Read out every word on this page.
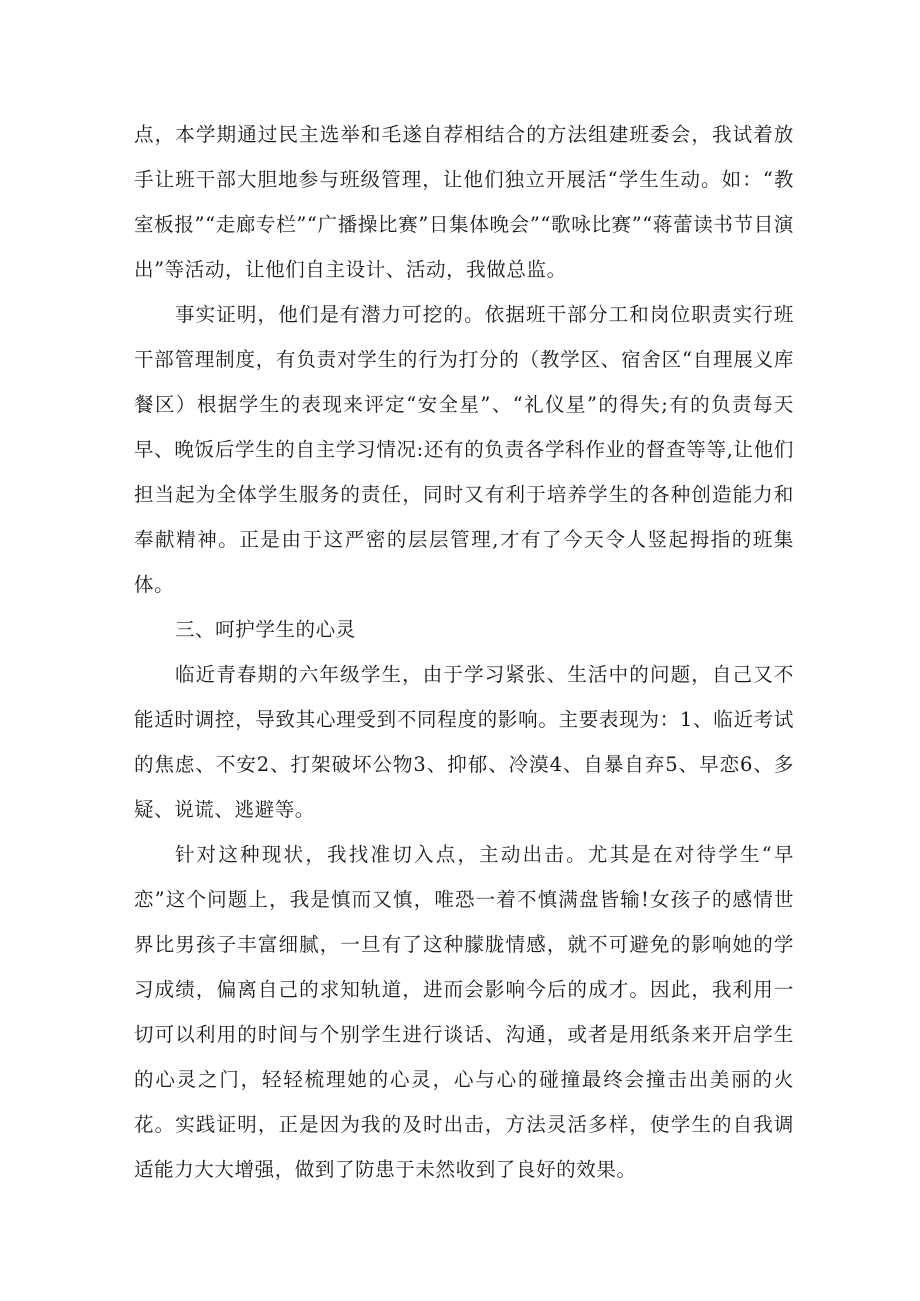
点，本学期通过民主选举和毛遂自荐相结合的方法组建班委会，我试着放手让班干部大胆地参与班级管理，让他们独立开展活“学生生动。如：“教室板报”“走廊专栏”“广播操比赛”日集体晚会”“歌咏比赛”“蒋蕾读书节目演出”等活动，让他们自主设计、活动，我做总监。

事实证明，他们是有潜力可挖的。依据班干部分工和岗位职责实行班干部管理制度，有负责对学生的行为打分的（教学区、宿舍区“自理展义库餐区）根据学生的表现来评定“安全星”、“礼仪星”的得失;有的负责每天早、晚饭后学生的自主学习情况:还有的负责各学科作业的督查等等,让他们担当起为全体学生服务的责任，同时又有利于培养学生的各种创造能力和奉献精神。正是由于这严密的层层管理,才有了今天令人竖起拇指的班集体。

三、呵护学生的心灵

临近青春期的六年级学生，由于学习紧张、生活中的问题，自己又不能适时调控，导致其心理受到不同程度的影响。主要表现为：1、临近考试的焦虑、不安2、打架破坏公物3、抑郁、冷漠4、自暴自弃5、早恋6、多疑、说谎、逃避等。

针对这种现状，我找准切入点，主动出击。尤其是在对待学生“早恋”这个问题上，我是慎而又慎，唯恐一着不慎满盘皆输!女孩子的感情世界比男孩子丰富细腻，一旦有了这种朦胧情感，就不可避免的影响她的学习成绩，偏离自己的求知轨道，进而会影响今后的成才。因此，我利用一切可以利用的时间与个别学生进行谈话、沟通，或者是用纸条来开启学生的心灵之门，轻轻梳理她的心灵，心与心的碰撞最终会撞击出美丽的火花。实践证明，正是因为我的及时出击，方法灵活多样，使学生的自我调适能力大大增强，做到了防患于未然收到了良好的效果。
